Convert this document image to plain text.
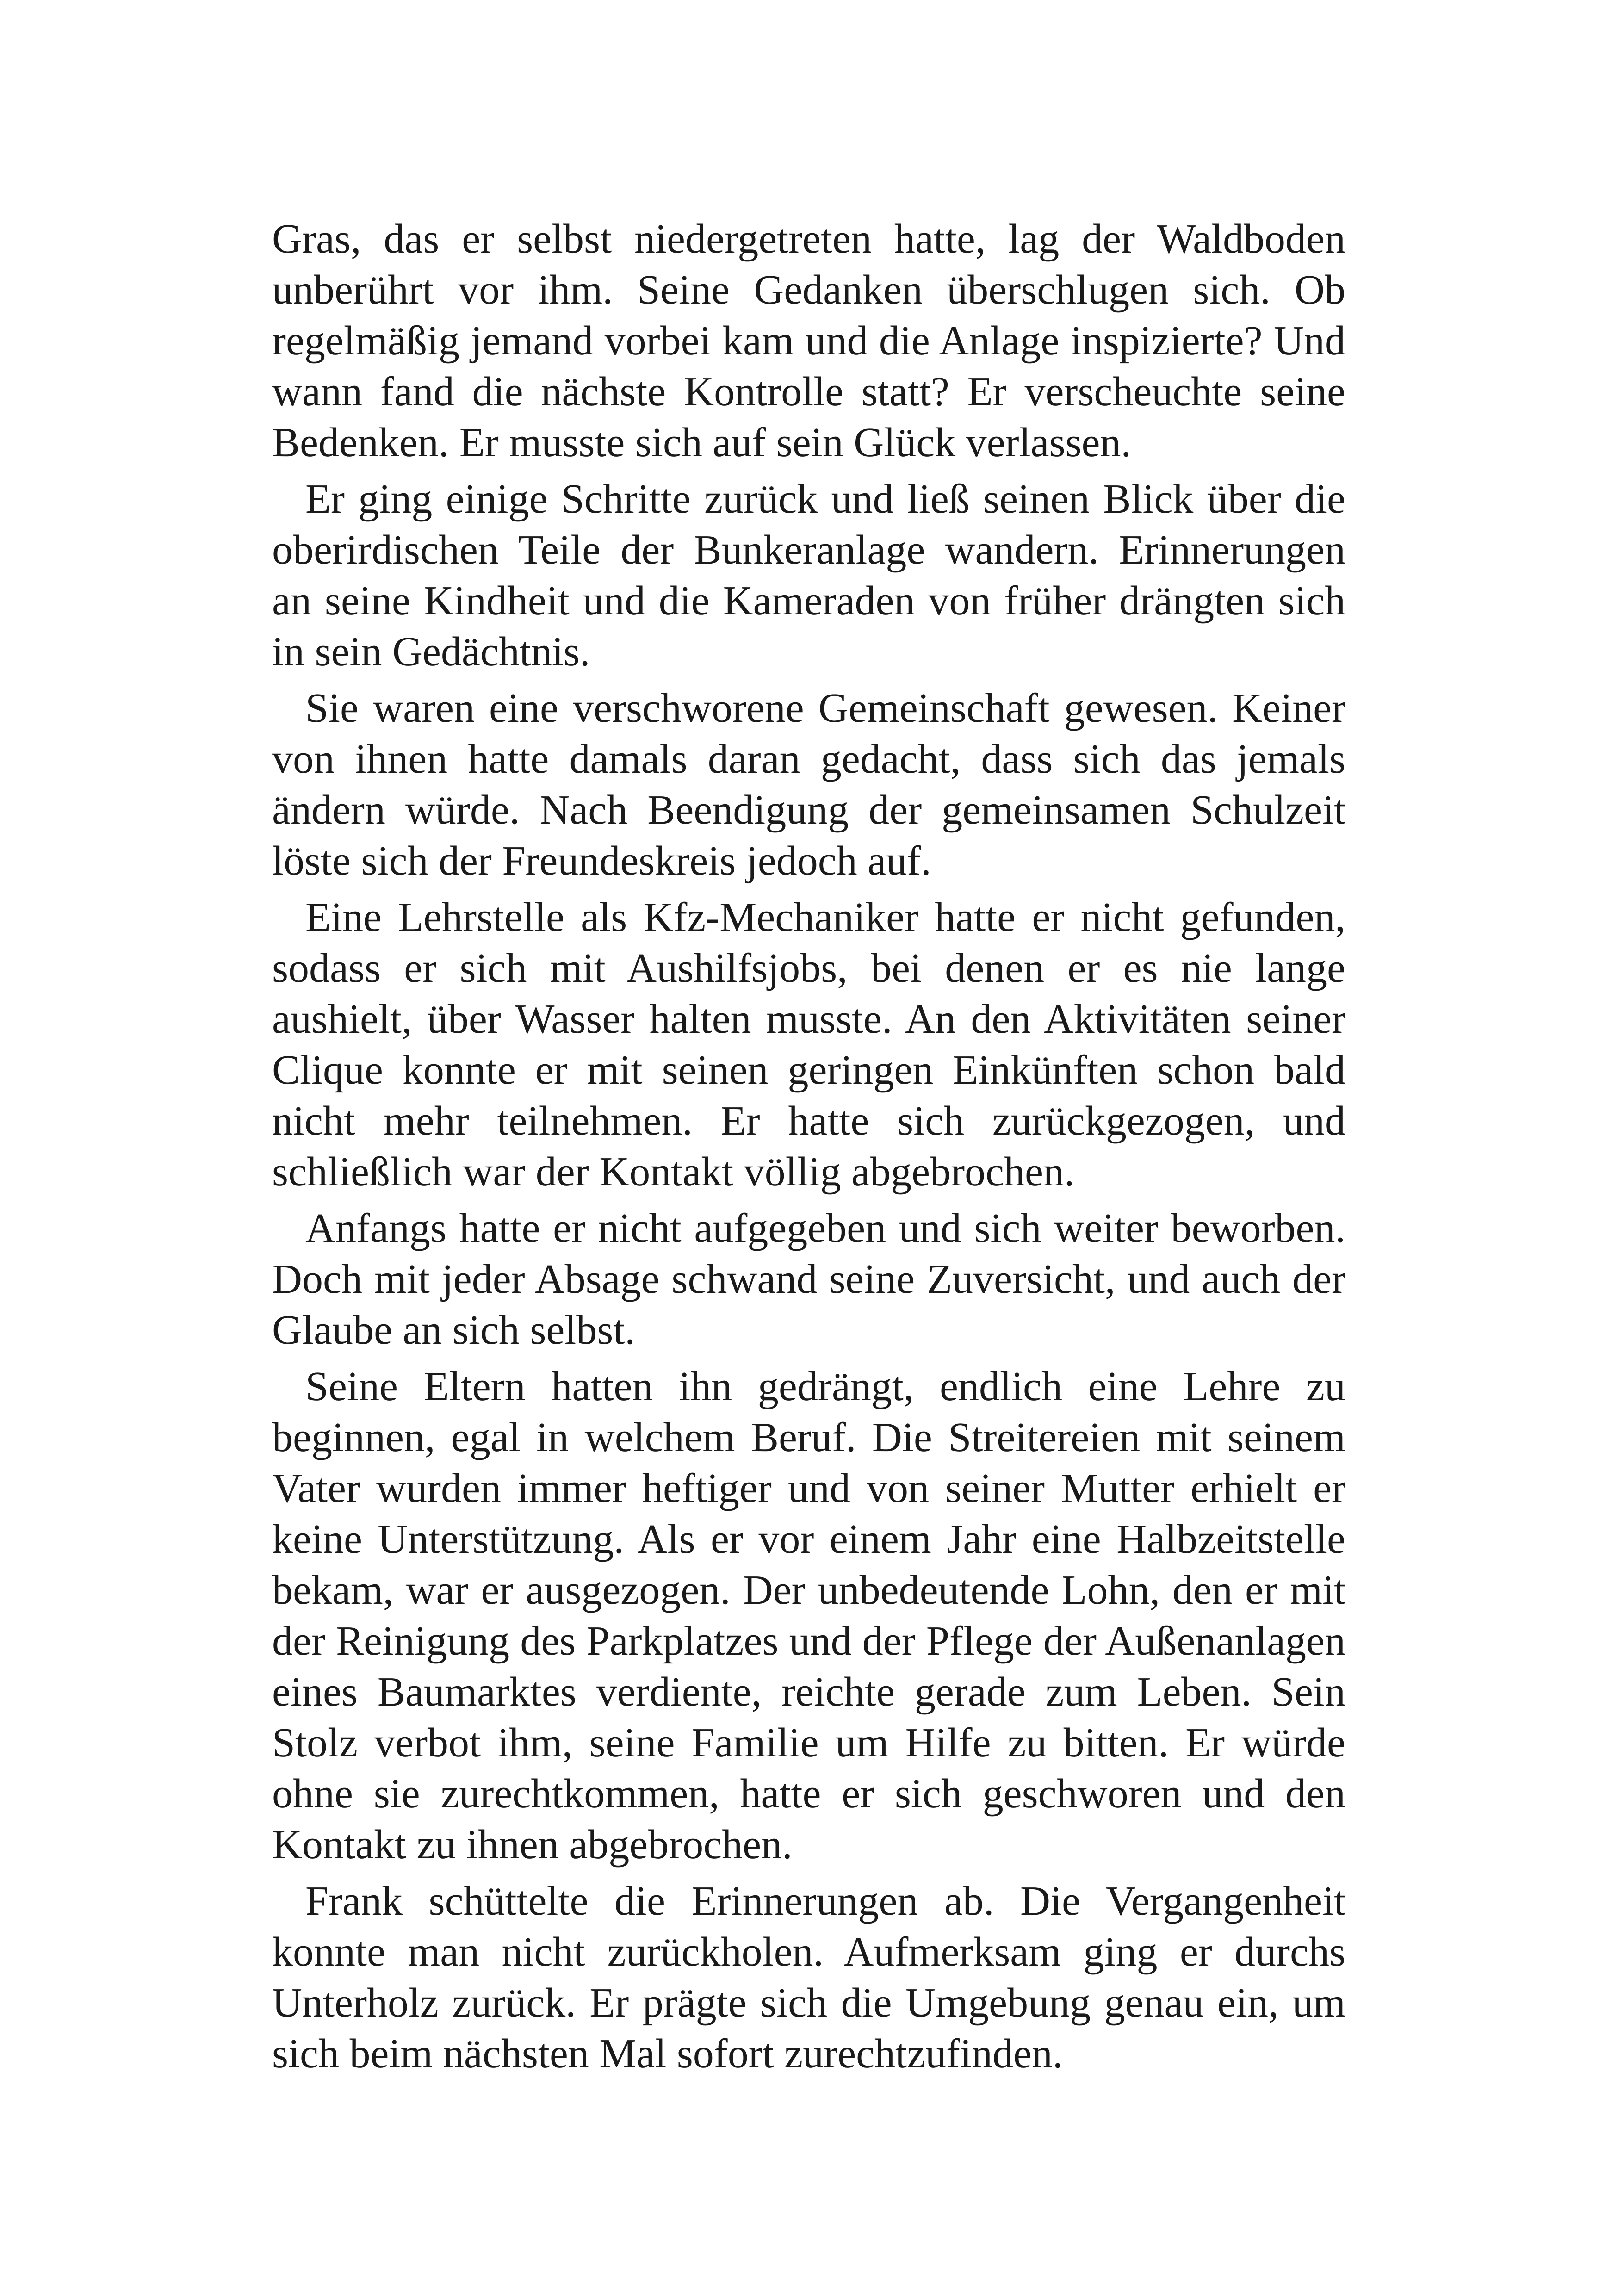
Gras, das er selbst niedergetreten hatte, lag der Waldboden unberührt vor ihm. Seine Gedanken überschlugen sich. Ob regelmäßig jemand vorbei kam und die Anlage inspizierte? Und wann fand die nächste Kontrolle statt? Er verscheuchte seine Bedenken. Er musste sich auf sein Glück verlassen.

Er ging einige Schritte zurück und ließ seinen Blick über die oberirdischen Teile der Bunkeranlage wandern. Erinnerungen an seine Kindheit und die Kameraden von früher drängten sich in sein Gedächtnis.

Sie waren eine verschworene Gemeinschaft gewesen. Keiner von ihnen hatte damals daran gedacht, dass sich das jemals ändern würde. Nach Beendigung der gemeinsamen Schulzeit löste sich der Freundeskreis jedoch auf.

Eine Lehrstelle als Kfz-Mechaniker hatte er nicht gefunden, sodass er sich mit Aushilfsjobs, bei denen er es nie lange aushielt, über Wasser halten musste. An den Aktivitäten seiner Clique konnte er mit seinen geringen Einkünften schon bald nicht mehr teilnehmen. Er hatte sich zurückgezogen, und schließlich war der Kontakt völlig abgebrochen.

Anfangs hatte er nicht aufgegeben und sich weiter beworben. Doch mit jeder Absage schwand seine Zuversicht, und auch der Glaube an sich selbst.

Seine Eltern hatten ihn gedrängt, endlich eine Lehre zu beginnen, egal in welchem Beruf. Die Streitereien mit seinem Vater wurden immer heftiger und von seiner Mutter erhielt er keine Unterstützung. Als er vor einem Jahr eine Halbzeitstelle bekam, war er ausgezogen. Der unbedeutende Lohn, den er mit der Reinigung des Parkplatzes und der Pflege der Außenanlagen eines Baumarktes verdiente, reichte gerade zum Leben. Sein Stolz verbot ihm, seine Familie um Hilfe zu bitten. Er würde ohne sie zurechtkommen, hatte er sich geschworen und den Kontakt zu ihnen abgebrochen.

Frank schüttelte die Erinnerungen ab. Die Vergangenheit konnte man nicht zurückholen. Aufmerksam ging er durchs Unterholz zurück. Er prägte sich die Umgebung genau ein, um sich beim nächsten Mal sofort zurechtzufinden.
